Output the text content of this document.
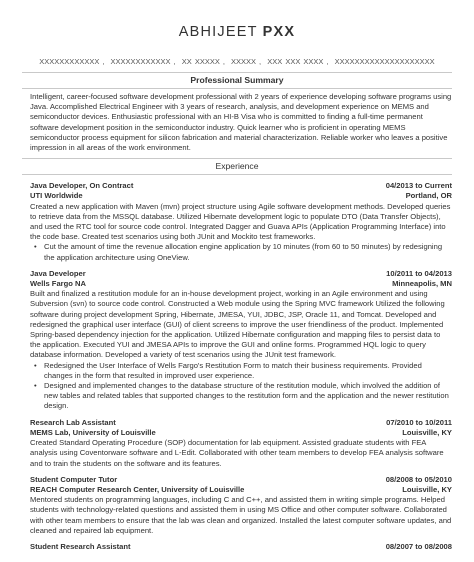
ABHIJEET PXX
XXXXXXXXXXXX , XXXXXXXXXXXX , XX XXXXX , XXXXX , XXX XXX XXXX , XXXXXXXXXXXXXXXXXXXX
Professional Summary
Intelligent, career-focused software development professional with 2 years of experience developing software programs using Java. Accomplished Electrical Engineer with 3 years of research, analysis, and development experience on MEMS and semiconductor devices. Enthusiastic professional with an HI-B Visa who is committed to finding a full-time permanent software development position in the semiconductor industry. Quick learner who is proficient in operating MEMS semiconductor process equipment for silicon fabrication and material characterization. Reliable worker who leaves a positive impression in all areas of the work environment.
Experience
Java Developer, On Contract	04/2013 to Current
UTI Worldwide	Portland, OR

Created a new application with Maven (mvn) project structure using Agile software development methods. Developed queries to retrieve data from the MSSQL database. Utilized Hibernate development logic to populate DTO (Data Transfer Objects), and used the RTC tool for source code control. Integrated Dagger and Guava APIs (Application Programming Interface) into the code base. Created test scenarios using both JUnit and Mockito test frameworks.

• Cut the amount of time the revenue allocation engine application by 10 minutes (from 60 to 50 minutes) by redesigning the application architecture using OneView.

Java Developer	10/2011 to 04/2013
Wells Fargo NA	Minneapolis, MN

Built and finalized a restitution module for an in-house development project, working in an Agile environment and using Subversion (svn) to source code control. Constructed a Web module using the Spring MVC framework Utilized the following software during project development Spring, Hibernate, JMESA, YUI, JDBC, JSP, Oracle 11, and Tomcat. Developed and redesigned the graphical user interface (GUI) of client screens to improve the user friendliness of the product. Implemented Spring-based dependency injection for the application. Utilized Hibernate configuration and mapping files to persist data to the application. Executed YUI and JMESA APIs to improve the GUI and online forms. Programmed HQL logic to query database information. Developed a variety of test scenarios using the JUnit test framework.

• Redesigned the User Interface of Wells Fargo's Restitution Form to match their business requirements. Provided changes in the form that resulted in improved user experience.

• Designed and implemented changes to the database structure of the restitution module, which involved the addition of new tables and related tables that supported changes to the restitution form and the application and the newer restitution design.

Research Lab Assistant	07/2010 to 10/2011
MEMS Lab, University of Louisville	Louisville, KY

Created Standard Operating Procedure (SOP) documentation for lab equipment. Assisted graduate students with FEA analysis using Coventorware software and L-Edit. Collaborated with other team members to develop FEA analysis software and to train the students on the software and its features.

Student Computer Tutor	08/2008 to 05/2010
REACH Computer Research Center, University of Louisville	Louisville, KY

Mentored students on programming languages, including C and C++, and assisted them in writing simple programs. Helped students with technology-related questions and assisted them in using MS Office and other computer software. Collaborated with other team members to ensure that the lab was clean and organized. Installed the latest computer software updates, and cleaned and repaired lab equipment.

Student Research Assistant	08/2007 to 08/2008
